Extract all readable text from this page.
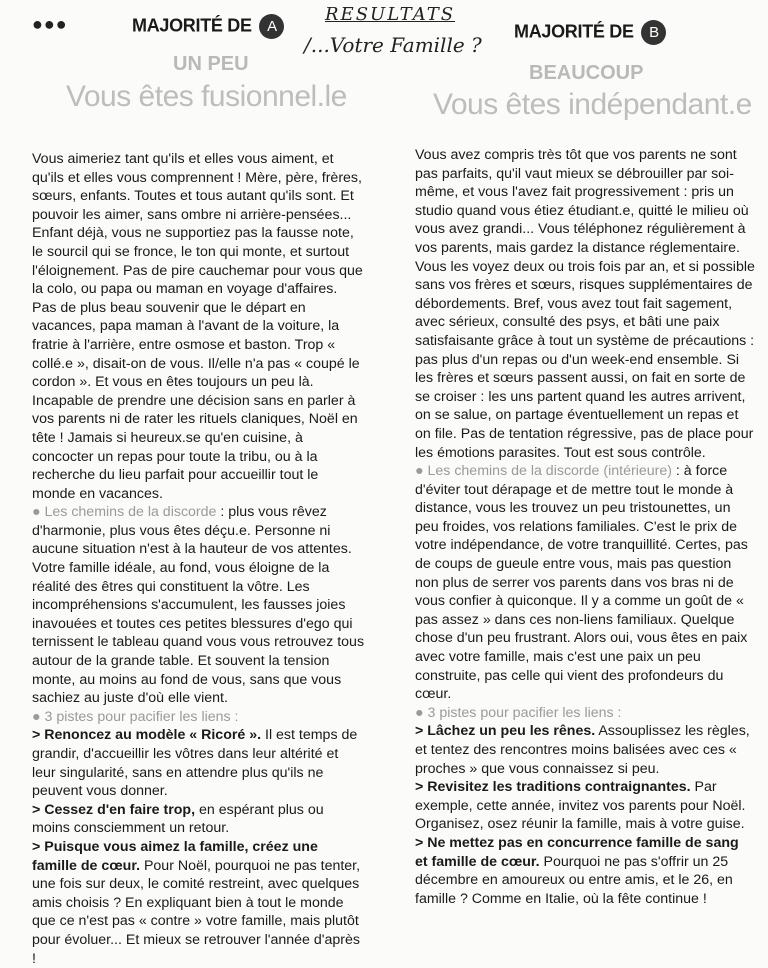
●●●	MAJORITÉ DE A
RESULTATS
/...Votre Famille ?
MAJORITÉ DE B
UN PEU
Vous êtes fusionnel.le
BEAUCOUP
Vous êtes indépendant.e

Vous aimeriez tant qu'ils et elles vous aiment, et qu'ils et elles vous comprennent ! Mère, père, frères, sœurs, enfants. Toutes et tous autant qu'ils sont. Et pouvoir les aimer, sans ombre ni arrière-pensées... Enfant déjà, vous ne supportiez pas la fausse note, le sourcil qui se fronce, le ton qui monte, et surtout l'éloignement. Pas de pire cauchemar pour vous que la colo, ou papa ou maman en voyage d'affaires. Pas de plus beau souvenir que le départ en vacances, papa maman à l'avant de la voiture, la fratrie à l'arrière, entre osmose et baston. Trop « collé.e », disait-on de vous. Il/elle n'a pas « coupé le cordon ». Et vous en êtes toujours un peu là. Incapable de prendre une décision sans en parler à vos parents ni de rater les rituels claniques, Noël en tête ! Jamais si heureux.se qu'en cuisine, à concocter un repas pour toute la tribu, ou à la recherche du lieu parfait pour accueillir tout le monde en vacances.

● Les chemins de la discorde : plus vous rêvez d'harmonie, plus vous êtes déçu.e. Personne ni aucune situation n'est à la hauteur de vos attentes. Votre famille idéale, au fond, vous éloigne de la réalité des êtres qui constituent la vôtre. Les incompréhensions s'accumulent, les fausses joies inavouées et toutes ces petites blessures d'ego qui ternissent le tableau quand vous vous retrouvez tous autour de la grande table. Et souvent la tension monte, au moins au fond de vous, sans que vous sachiez au juste d'où elle vient.

● 3 pistes pour pacifier les liens :

> Renoncez au modèle « Ricoré ». Il est temps de grandir, d'accueillir les vôtres dans leur altérité et leur singularité, sans en attendre plus qu'ils ne peuvent vous donner.

> Cessez d'en faire trop, en espérant plus ou moins consciemment un retour.

> Puisque vous aimez la famille, créez une famille de cœur. Pour Noël, pourquoi ne pas tenter, une fois sur deux, le comité restreint, avec quelques amis choisis ? En expliquant bien à tout le monde que ce n'est pas « contre » votre famille, mais plutôt pour évoluer... Et mieux se retrouver l'année d'après !

Vous avez compris très tôt que vos parents ne sont pas parfaits, qu'il vaut mieux se débrouiller par soi-même, et vous l'avez fait progressivement : pris un studio quand vous étiez étudiant.e, quitté le milieu où vous avez grandi... Vous téléphonez régulièrement à vos parents, mais gardez la distance réglementaire. Vous les voyez deux ou trois fois par an, et si possible sans vos frères et sœurs, risques supplémentaires de débordements. Bref, vous avez tout fait sagement, avec sérieux, consulté des psys, et bâti une paix satisfaisante grâce à tout un système de précautions : pas plus d'un repas ou d'un week-end ensemble. Si les frères et sœurs passent aussi, on fait en sorte de se croiser : les uns partent quand les autres arrivent, on se salue, on partage éventuellement un repas et on file. Pas de tentation régressive, pas de place pour les émotions parasites. Tout est sous contrôle.

● Les chemins de la discorde (intérieure) : à force d'éviter tout dérapage et de mettre tout le monde à distance, vous les trouvez un peu tristounettes, un peu froides, vos relations familiales. C'est le prix de votre indépendance, de votre tranquillité. Certes, pas de coups de gueule entre vous, mais pas question non plus de serrer vos parents dans vos bras ni de vous confier à quiconque. Il y a comme un goût de « pas assez » dans ces non-liens familiaux. Quelque chose d'un peu frustrant. Alors oui, vous êtes en paix avec votre famille, mais c'est une paix un peu construite, pas celle qui vient des profondeurs du cœur.

● 3 pistes pour pacifier les liens :

> Lâchez un peu les rênes. Assouplissez les règles, et tentez des rencontres moins balisées avec ces « proches » que vous connaissez si peu.

> Revisitez les traditions contraignantes. Par exemple, cette année, invitez vos parents pour Noël. Organisez, osez réunir la famille, mais à votre guise.

> Ne mettez pas en concurrence famille de sang et famille de cœur. Pourquoi ne pas s'offrir un 25 décembre en amoureux ou entre amis, et le 26, en famille ? Comme en Italie, où la fête continue !
